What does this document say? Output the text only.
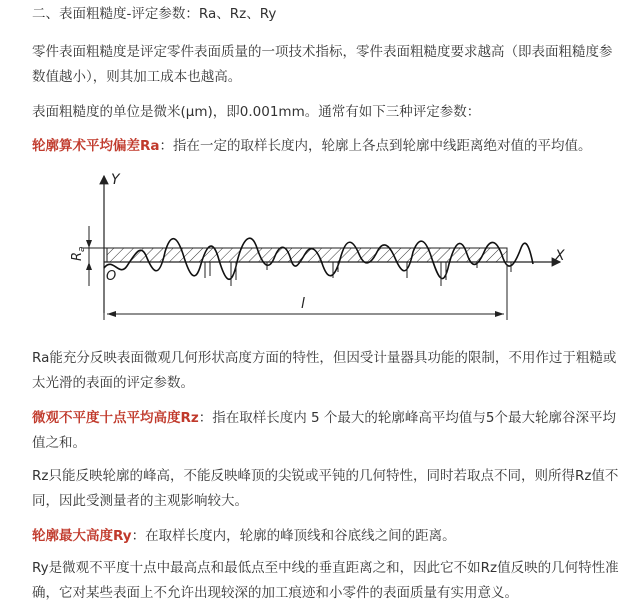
二、表面粗糙度-评定参数：Ra、Rz、Ry

零件表面粗糙度是评定零件表面质量的一项技术指标，零件表面粗糙度要求越高（即表面粗糙度参数值越小），则其加工成本也越高。

表面粗糙度的单位是微米(μm)，即0.001mm。通常有如下三种评定参数：

轮廓算术平均偏差Ra：指在一定的取样长度内，轮廓上各点到轮廓中线距离绝对值的平均值。

Y
X
O
$R_a$
l

Ra能充分反映表面微观几何形状高度方面的特性，但因受计量器具功能的限制，不用作过于粗糙或太光滑的表面的评定参数。

微观不平度十点平均高度Rz：指在取样长度内 5 个最大的轮廓峰高平均值与5个最大轮廓谷深平均值之和。

Rz只能反映轮廓的峰高，不能反映峰顶的尖锐或平钝的几何特性，同时若取点不同，则所得Rz值不同，因此受测量者的主观影响较大。

轮廓最大高度Ry：在取样长度内，轮廓的峰顶线和谷底线之间的距离。

Ry是微观不平度十点中最高点和最低点至中线的垂直距离之和，因此它不如Rz值反映的几何特性准确，它对某些表面上不允许出现较深的加工痕迹和小零件的表面质量有实用意义。
